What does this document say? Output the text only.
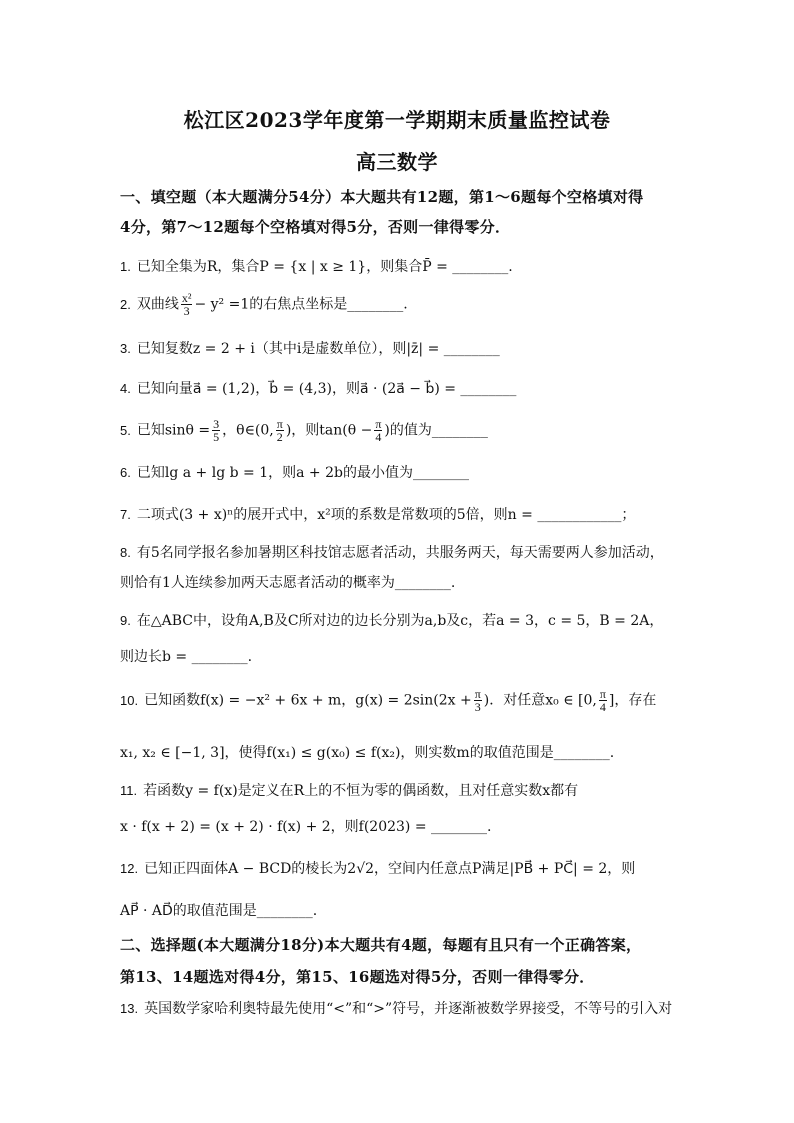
松江区2023学年度第一学期期末质量监控试卷
高三数学
一、填空题（本大题满分54分）本大题共有12题，第1～6题每个空格填对得
4分，第7～12题每个空格填对得5分，否则一律得零分．
1. 已知全集为R，集合P = {x | x ≥ 1}，则集合P̄ = ________.
2. 双曲线 $\frac{\text{x²}}{3} - y^2 =1$的右焦点坐标是________.
3. 已知复数z = 2 + i（其中i是虚数单位），则|z̄| = ________
4. 已知向量a⃗ = (1,2)，b⃗ = (4,3)，则a⃗ · (2a⃗ − b⃗) = ________
5. 已知$\sin\theta = \frac{3}{5}$ ，θ∈(0, $\frac{\pi}{2}$ )，则$\tan(\theta - \frac{\pi}{4}$ )的值为________
6. 已知lg a + lg b = 1，则a + 2b的最小值为________
7. 二项式(3 + x)ⁿ的展开式中，x²项的系数是常数项的5倍，则n = ____________；
8. 有5名同学报名参加暑期区科技馆志愿者活动，共服务两天，每天需要两人参加活动，
则恰有1人连续参加两天志愿者活动的概率为________.
9. 在△ABC中，设角A,B及C所对边的边长分别为a,b及c，若a = 3，c = 5，B = 2A，
则边长b = ________.
10. 已知函数f(x) = −x² + 6x + m，$g(x) = 2\sin(2x + \frac{\pi}{3}$ )．对任意x₀ ∈ [0, $\frac{\pi}{4}$ ]，存在
x₁, x₂ ∈ [−1, 3]，使得f(x₁) ≤ g(x₀) ≤ f(x₂)，则实数m的取值范围是________.
11. 若函数y = f(x)是定义在R上的不恒为零的偶函数，且对任意实数x都有
x · f(x + 2) = (x + 2) · f(x) + 2，则f(2023) = ________.
12. 已知正四面体A − BCD的棱长为2√2，空间内任意点P满足|PB⃗ + PC⃗| = 2，则
AP⃗ · AD⃗的取值范围是________.
二、选择题(本大题满分18分)本大题共有4题，每题有且只有一个正确答案，
第13、14题选对得4分，第15、16题选对得5分，否则一律得零分．
13. 英国数学家哈利奥特最先使用“<”和“>”符号，并逐渐被数学界接受，不等号的引入对
